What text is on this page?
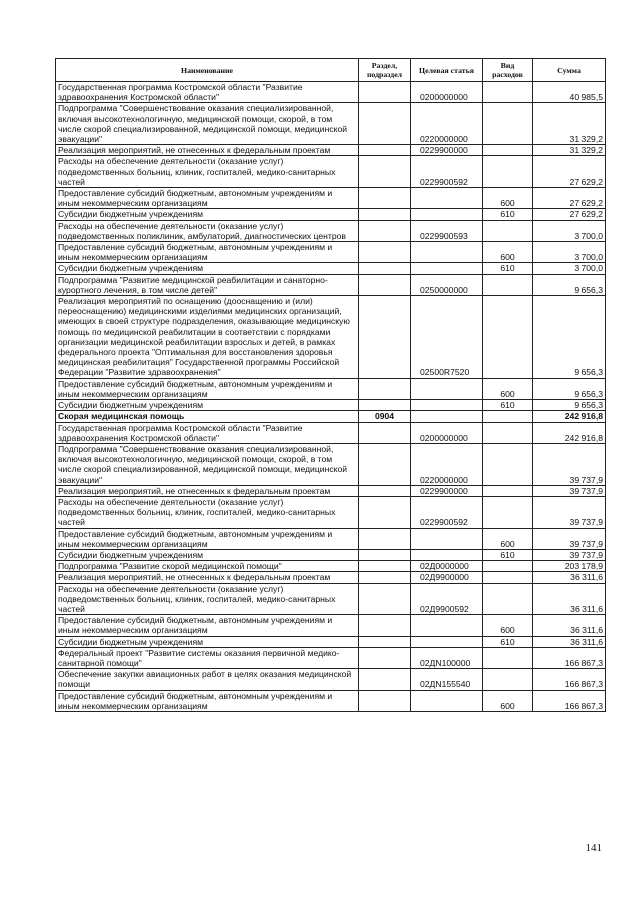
Наименование	Раздел, подраздел	Целевая статья	Вид расходов	Сумма
Государственная программа Костромской области "Развитие здравоохранения Костромской области"		0200000000		40 985,5
Подпрограмма "Совершенствование оказания специализированной, включая высокотехнологичную, медицинской помощи, скорой, в том числе скорой специализированной, медицинской помощи, медицинской эвакуации"		0220000000		31 329,2
Реализация мероприятий, не отнесенных к федеральным проектам		0229900000		31 329,2
Расходы на обеспечение деятельности (оказание услуг) подведомственных больниц, клиник, госпиталей, медико-санитарных частей		0229900592		27 629,2
Предоставление субсидий бюджетным, автономным учреждениям и иным некоммерческим организациям			600	27 629,2
Субсидии бюджетным учреждениям			610	27 629,2
Расходы на обеспечение деятельности (оказание услуг) подведомственных поликлиник, амбулаторий, диагностических центров		0229900593		3 700,0
Предоставление субсидий бюджетным, автономным учреждениям и иным некоммерческим организациям			600	3 700,0
Субсидии бюджетным учреждениям			610	3 700,0
Подпрограмма "Развитие медицинской реабилитации и санаторно-курортного лечения, в том числе детей"		0250000000		9 656,3
Реализация мероприятий по оснащению (дооснащению и (или) переоснащению) медицинскими изделиями медицинских организаций, имеющих в своей структуре подразделения, оказывающие медицинскую помощь по медицинской реабилитации в соответствии с порядками организации медицинской реабилитации взрослых и детей, в рамках федерального проекта "Оптимальная для восстановления здоровья медицинская реабилитация" Государственной программы Российской Федерации "Развитие здравоохранения"		02500R7520		9 656,3
Предоставление субсидий бюджетным, автономным учреждениям и иным некоммерческим организациям			600	9 656,3
Субсидии бюджетным учреждениям			610	9 656,3
Скорая медицинская помощь	0904			242 916,8
Государственная программа Костромской области "Развитие здравоохранения Костромской области"		0200000000		242 916,8
Подпрограмма "Совершенствование оказания специализированной, включая высокотехнологичную, медицинской помощи, скорой, в том числе скорой специализированной, медицинской помощи, медицинской эвакуации"		0220000000		39 737,9
Реализация мероприятий, не отнесенных к федеральным проектам		0229900000		39 737,9
Расходы на обеспечение деятельности (оказание услуг) подведомственных больниц, клиник, госпиталей, медико-санитарных частей		0229900592		39 737,9
Предоставление субсидий бюджетным, автономным учреждениям и иным некоммерческим организациям			600	39 737,9
Субсидии бюджетным учреждениям			610	39 737,9
Подпрограмма "Развитие скорой медицинской помощи"		02Д0000000		203 178,9
Реализация мероприятий, не отнесенных к федеральным проектам		02Д9900000		36 311,6
Расходы на обеспечение деятельности (оказание услуг) подведомственных больниц, клиник, госпиталей, медико-санитарных частей		02Д9900592		36 311,6
Предоставление субсидий бюджетным, автономным учреждениям и иным некоммерческим организациям			600	36 311,6
Субсидии бюджетным учреждениям			610	36 311,6
Федеральный проект "Развитие системы оказания первичной медико-санитарной помощи"		02ДN100000		166 867,3
Обеспечение закупки авиационных работ в целях оказания медицинской помощи		02ДN155540		166 867,3
Предоставление субсидий бюджетным, автономным учреждениям и иным некоммерческим организациям			600	166 867,3
141
